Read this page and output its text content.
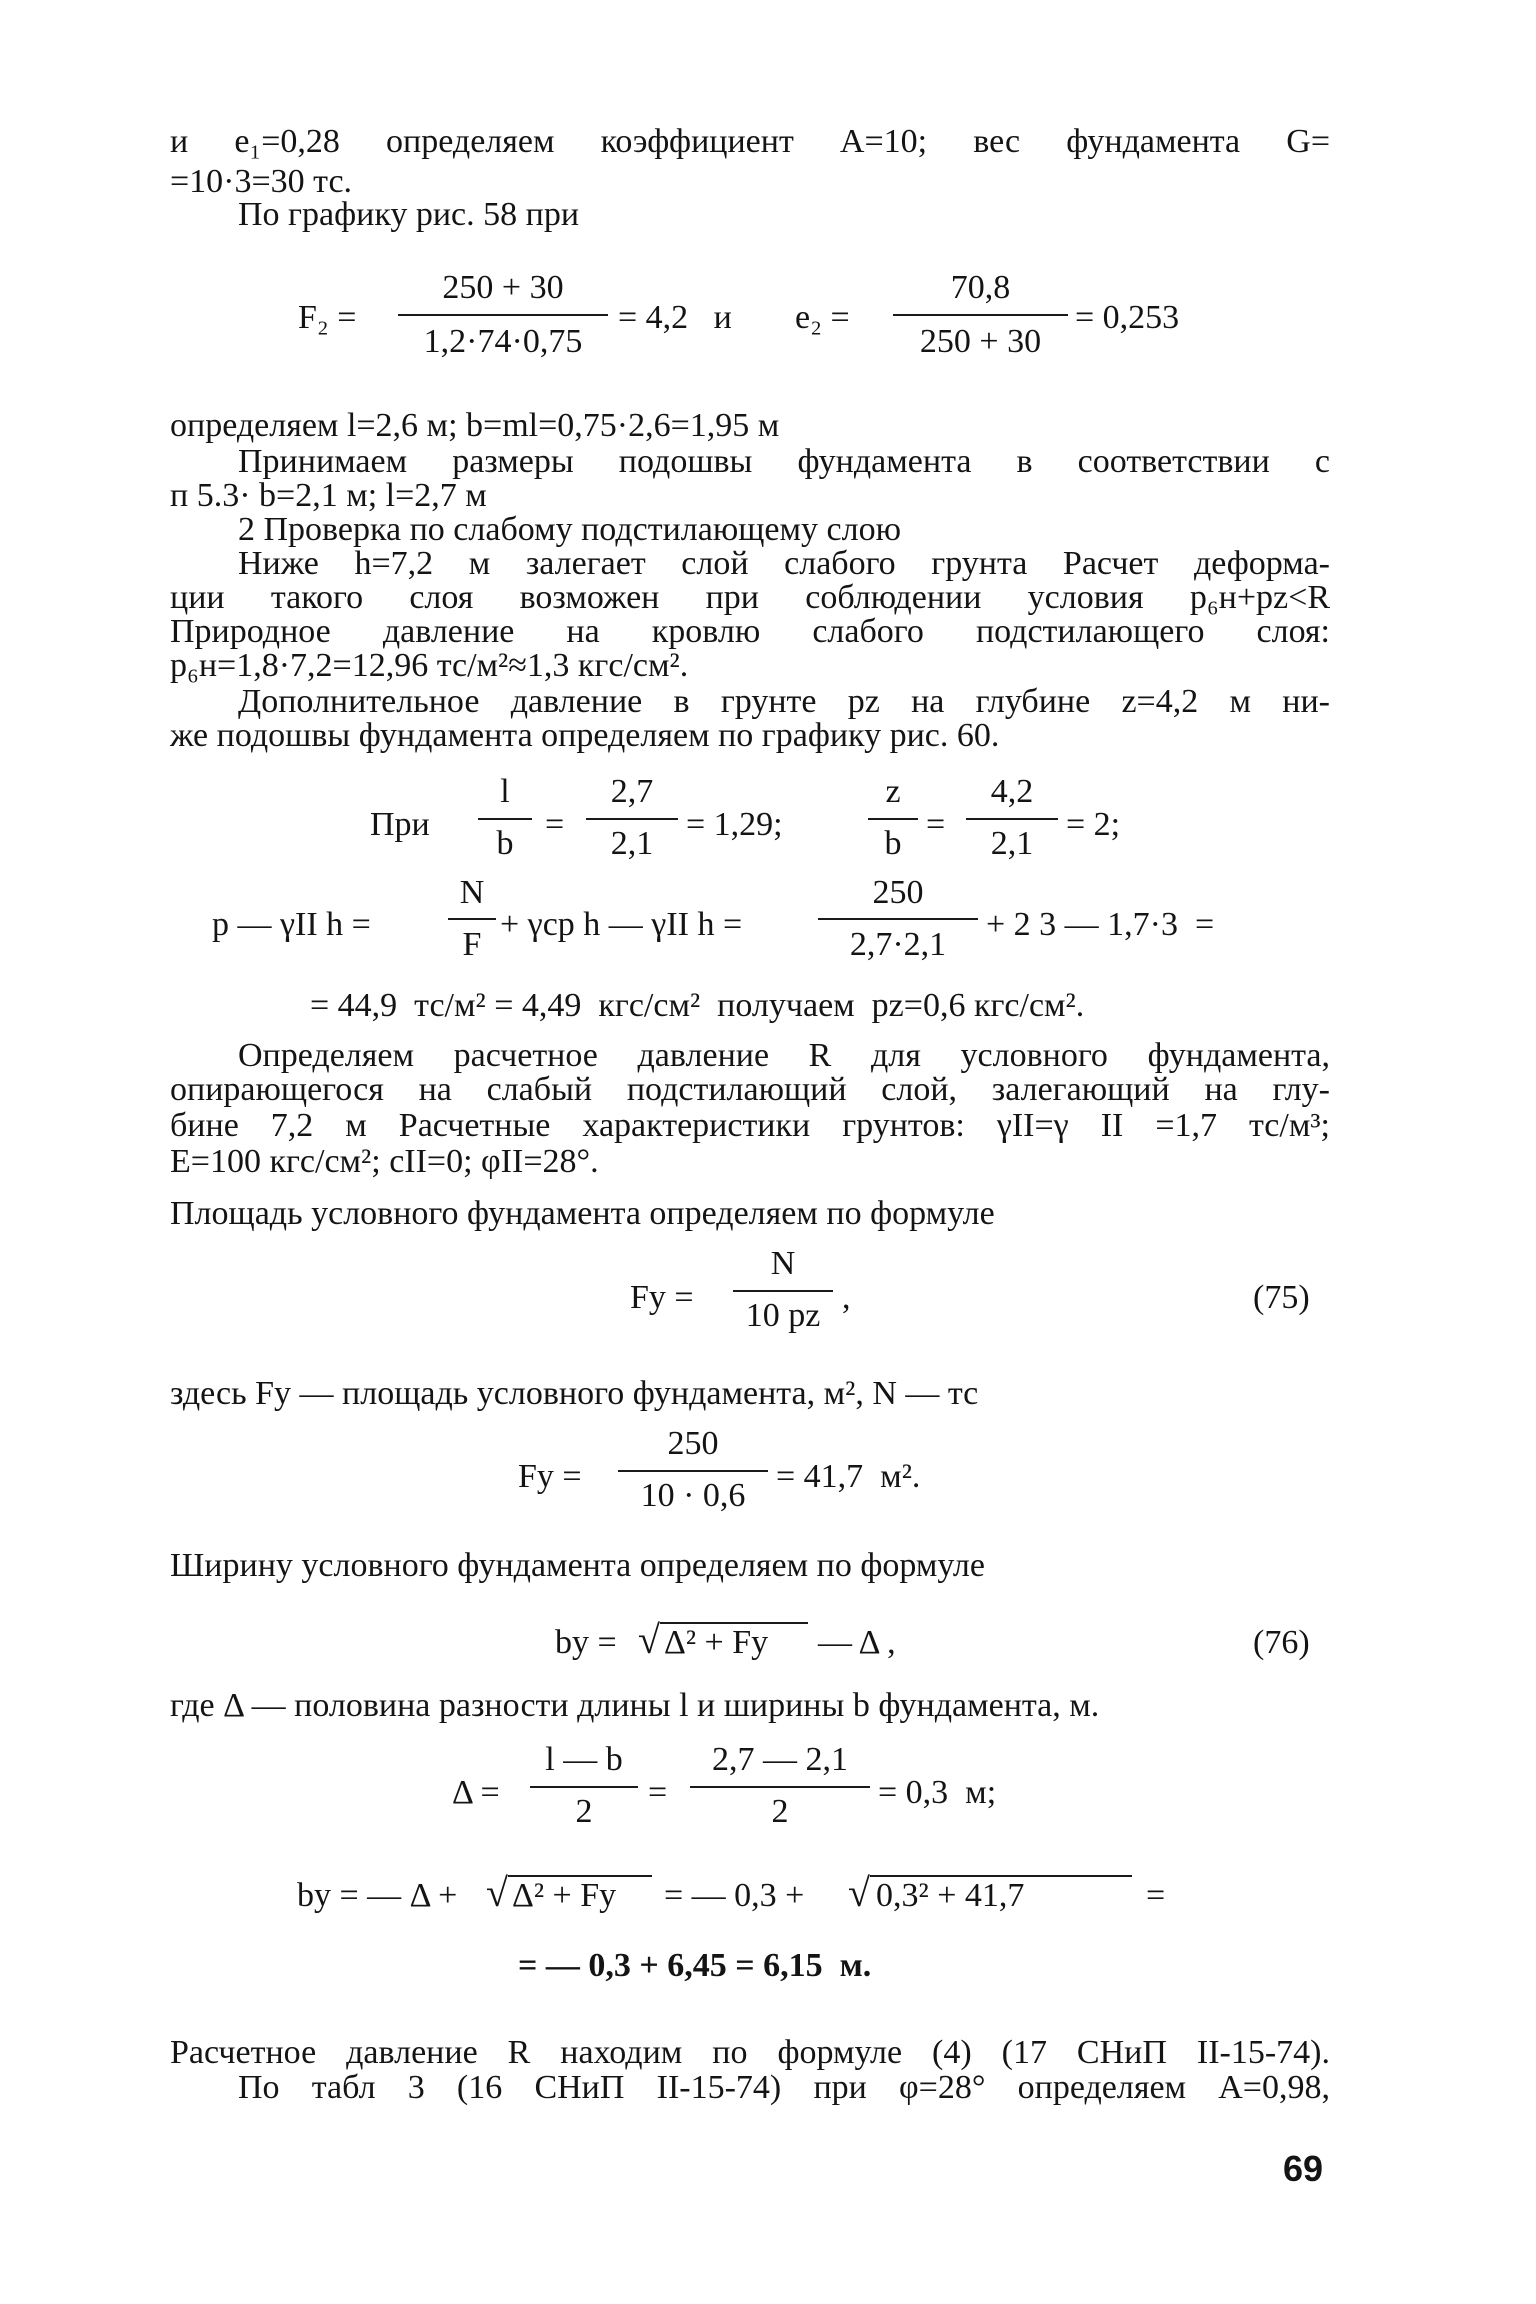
и e₁=0,28 определяем коэффициент A=10; вес фундамента G=
=10·3=30 тс.
По графику рис. 58 при
F₂ =
250 + 30
1,2·74·0,75
= 4,2   и e₂ =
70,8
250 + 30
= 0,253
определяем l=2,6 м; b=ml=0,75·2,6=1,95 м
Принимаем размеры подошвы фундамента в соответствии с
п 5.3· b=2,1 м; l=2,7 м
2 Проверка по слабому подстилающему слою
Ниже h=7,2 м залегает слой слабого грунта Расчет деформа-
ции такого слоя возможен при соблюдении условия p₆н+pz<R
Природное давление на кровлю слабого подстилающего слоя:
p₆н=1,8·7,2=12,96 тс/м²≈1,3 кгс/см².
Дополнительное давление в грунте pz на глубине z=4,2 м ни-
же подошвы фундамента определяем по графику рис. 60.
При
l
b
=
2,7
2,1
= 1,29;
z
b
=
4,2
2,1
= 2;
p — γII h =
N
F
+ γср h — γII h =
250
2,7·2,1
+ 2 3 — 1,7·3  =
= 44,9  тс/м² = 4,49  кгс/см²  получаем  pz=0,6 кгс/см².
Определяем расчетное давление R для условного фундамента,
опирающегося на слабый подстилающий слой, залегающий на глу-
бине 7,2 м Расчетные характеристики грунтов: γII=γ II =1,7 тс/м³;
E=100 кгс/см²; cII=0; φII=28°.
Площадь условного фундамента определяем по формуле
Fу =
N
10 pz ,	(75)
здесь Fу — площадь условного фундамента, м², N — тс
Fу =
250
10 · 0,6
= 41,7  м².
Ширину условного фундамента определяем по формуле
bу = √ Δ² + Fу — Δ ,	(76)
где Δ — половина разности длины l и ширины b фундамента, м.
Δ =
l — b
2
=
2,7 — 2,1
2
= 0,3  м;
bу = — Δ + √ Δ² + Fу = — 0,3 + √ 0,3² + 41,7	=
= — 0,3 + 6,45 = 6,15  м.
Расчетное давление R находим по формуле (4) (17 СНиП II-15-74).
По табл 3 (16 СНиП II-15-74) при φ=28° определяем A=0,98,
69
